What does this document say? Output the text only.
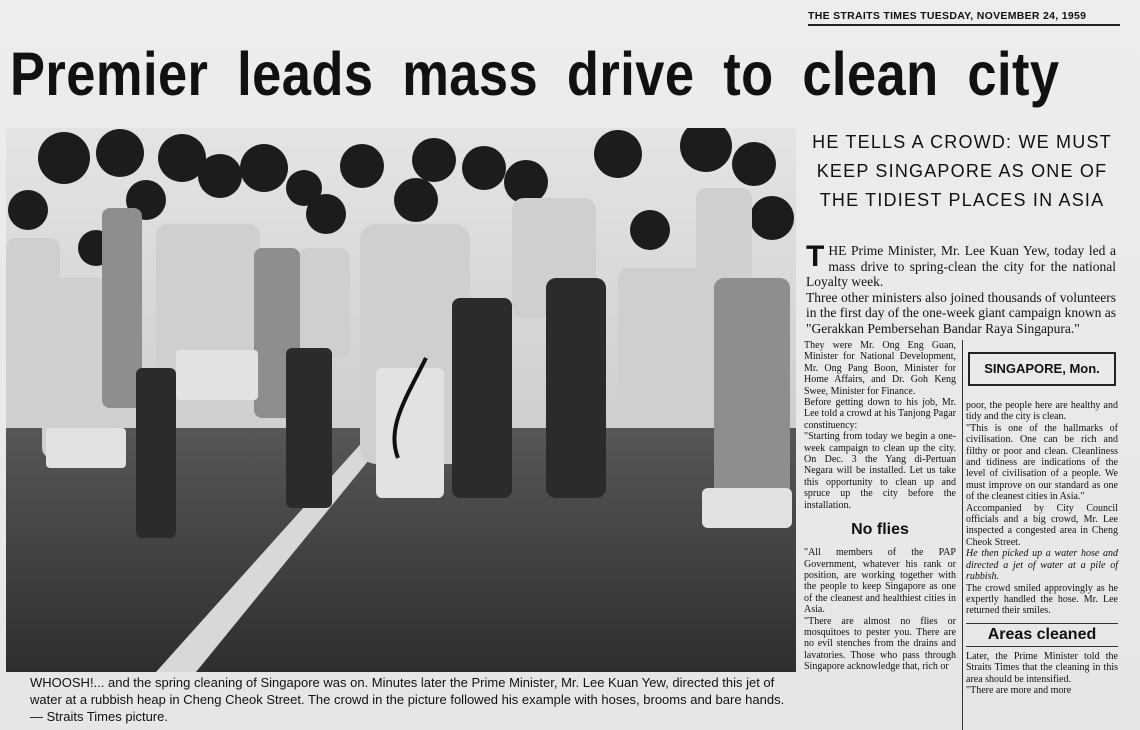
THE STRAITS TIMES TUESDAY, NOVEMBER 24, 1959
Premier leads mass drive to clean city
HE TELLS A CROWD: WE MUST KEEP SINGAPORE AS ONE OF THE TIDIEST PLACES IN ASIA
WHOOSH!... and the spring cleaning of Singapore was on. Minutes later the Prime Minister, Mr. Lee Kuan Yew, directed this jet of water at a rubbish heap in Cheng Cheok Street. The crowd in the picture followed his example with hoses, brooms and bare hands. — Straits Times picture.

THE Prime Minister, Mr. Lee Kuan Yew, today led a mass drive to spring-clean the city for the national Loyalty week.

Three other ministers also joined thousands of volunteers in the first day of the one-week giant campaign known as "Gerakkan Pembersehan Bandar Raya Singapura."

They were Mr. Ong Eng Guan, Minister for National Development, Mr. Ong Pang Boon, Minister for Home Affairs, and Dr. Goh Keng Swee, Minister for Finance.

Before getting down to his job, Mr. Lee told a crowd at his Tanjong Pagar constituency:

"Starting from today we begin a one-week campaign to clean up the city. On Dec. 3 the Yang di-Pertuan Negara will be installed. Let us take this opportunity to clean up and spruce up the city before the installation.

No flies

"All members of the PAP Government, whatever his rank or position, are working together with the people to keep Singapore as one of the cleanest and healthiest cities in Asia.

"There are almost no flies or mosquitoes to pester you. There are no evil stenches from the drains and lavatories. Those who pass through Singapore acknowledge that, rich or

SINGAPORE, Mon.

poor, the people here are healthy and tidy and the city is clean.

"This is one of the hallmarks of civilisation. One can be rich and filthy or poor and clean. Cleanliness and tidiness are indications of the level of civilisation of a people. We must improve on our standard as one of the cleanest cities in Asia."

Accompanied by City Council officials and a big crowd, Mr. Lee inspected a congested area in Cheng Cheok Street.

He then picked up a water hose and directed a jet of water at a pile of rubbish.

The crowd smiled approvingly as he expertly handled the hose. Mr. Lee returned their smiles.

Areas cleaned

Later, the Prime Minister told the Straits Times that the cleaning in this area should be intensified.

"There are more and more
